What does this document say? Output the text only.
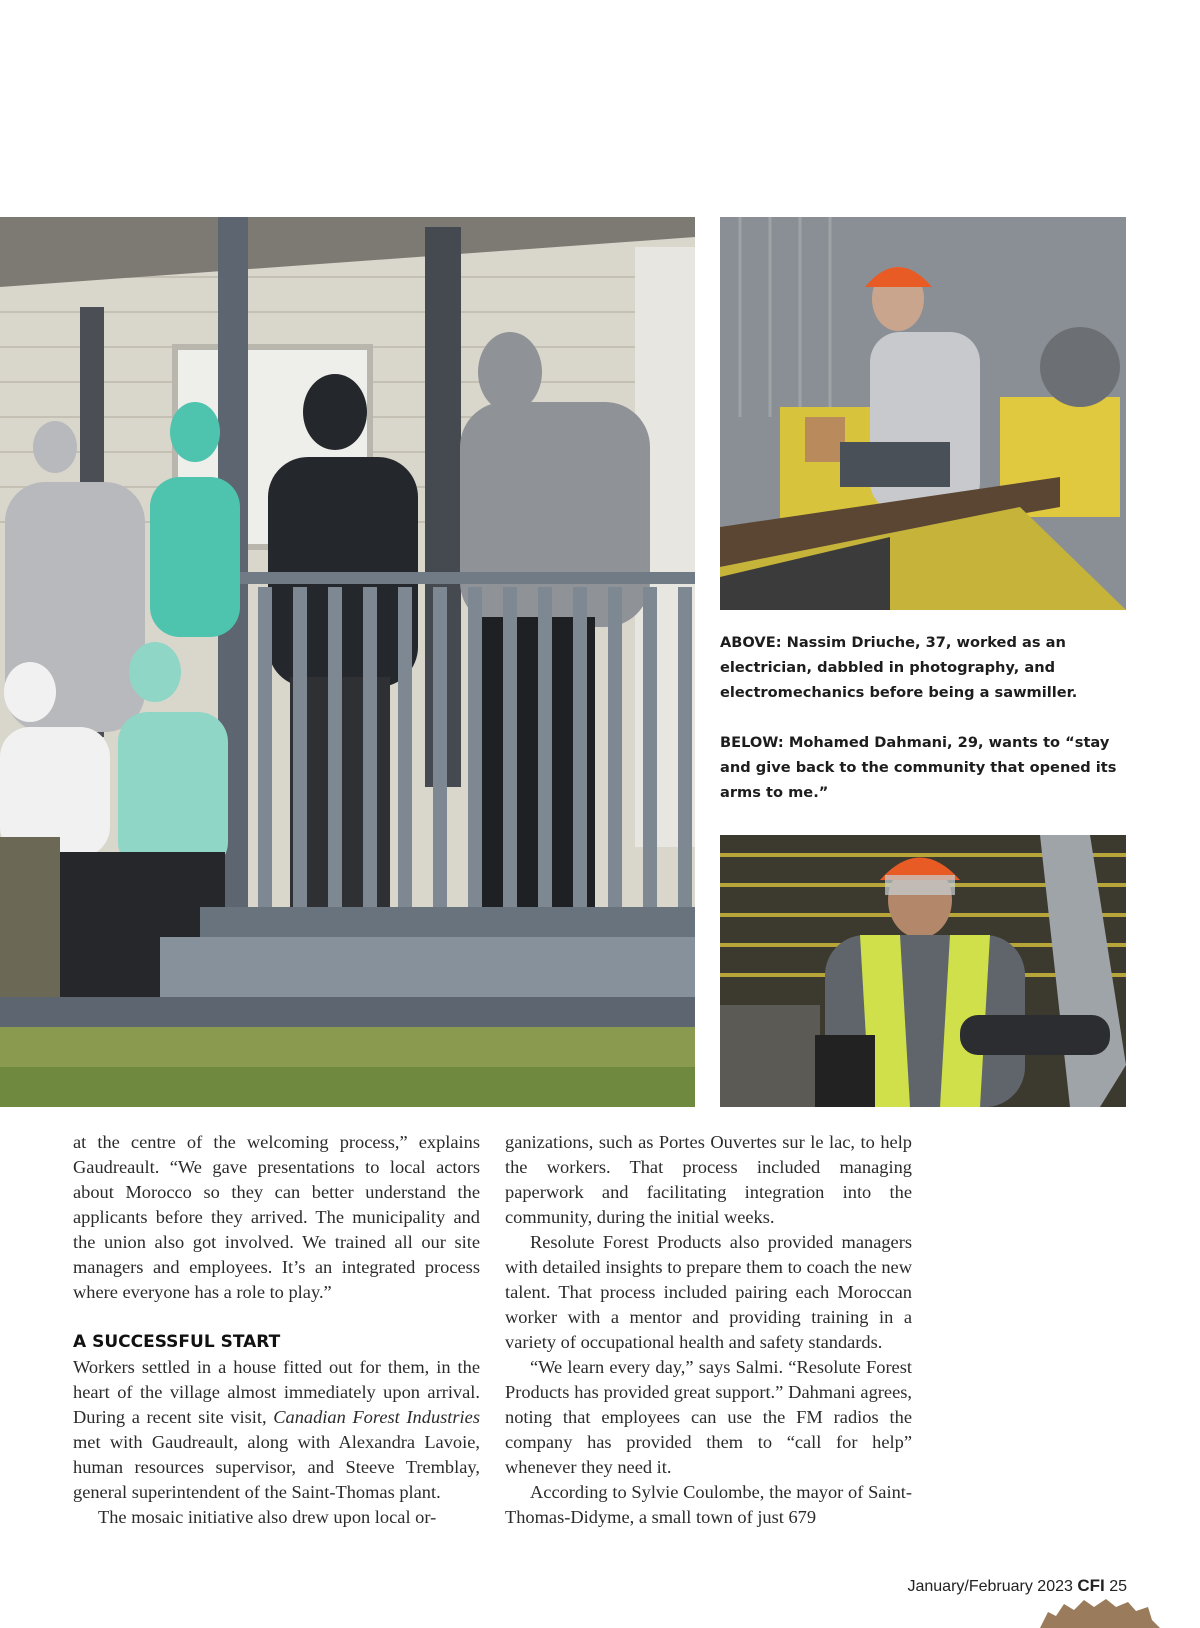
ABOVE: Nassim Driuche, 37, worked as an electrician, dabbled in photography, and electromechanics before being a sawmiller.

BELOW: Mohamed Dahmani, 29, wants to “stay and give back to the community that opened its arms to me.”

at the centre of the welcoming process,” explains Gaudreault. “We gave presentations to local actors about Morocco so they can better understand the applicants before they arrived. The municipality and the union also got involved. We trained all our site managers and employees. It’s an integrated process where everyone has a role to play.”

A SUCCESSFUL START

Workers settled in a house fitted out for them, in the heart of the village almost immediately upon arrival. During a recent site visit, Canadian Forest Industries met with Gaudreault, along with Alexandra Lavoie, human resources supervisor, and Steeve Tremblay, general superintendent of the Saint-Thomas plant.

The mosaic initiative also drew upon local or-

ganizations, such as Portes Ouvertes sur le lac, to help the workers. That process included managing paperwork and facilitating integration into the community, during the initial weeks.

Resolute Forest Products also provided managers with detailed insights to prepare them to coach the new talent. That process included pairing each Moroccan worker with a mentor and providing training in a variety of occupational health and safety standards.

“We learn every day,” says Salmi. “Resolute Forest Products has provided great support.” Dahmani agrees, noting that employees can use the FM radios the company has provided them to “call for help” whenever they need it.

According to Sylvie Coulombe, the mayor of Saint-Thomas-Didyme, a small town of just 679

January/February 2023 CFI 25
